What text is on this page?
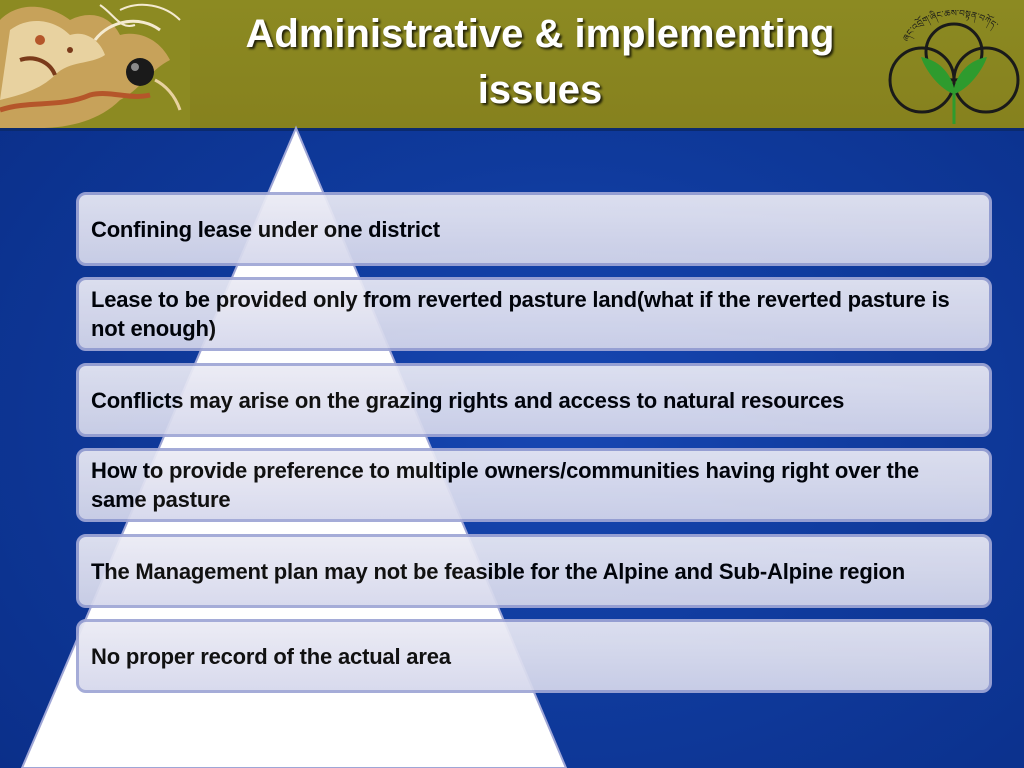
Administrative & implementing
issues
ཞང་འབྲོག་ཞིང་ཆས་བསྟན་བཀོད་
Confining lease under one district
Lease to be provided only from reverted pasture land(what if the reverted pasture is not enough)
Conflicts may arise on the grazing rights and access to natural resources
How to provide preference to multiple owners/communities having right over the same pasture
The Management plan may not be feasible for the Alpine and Sub-Alpine region
No proper record of the actual area
